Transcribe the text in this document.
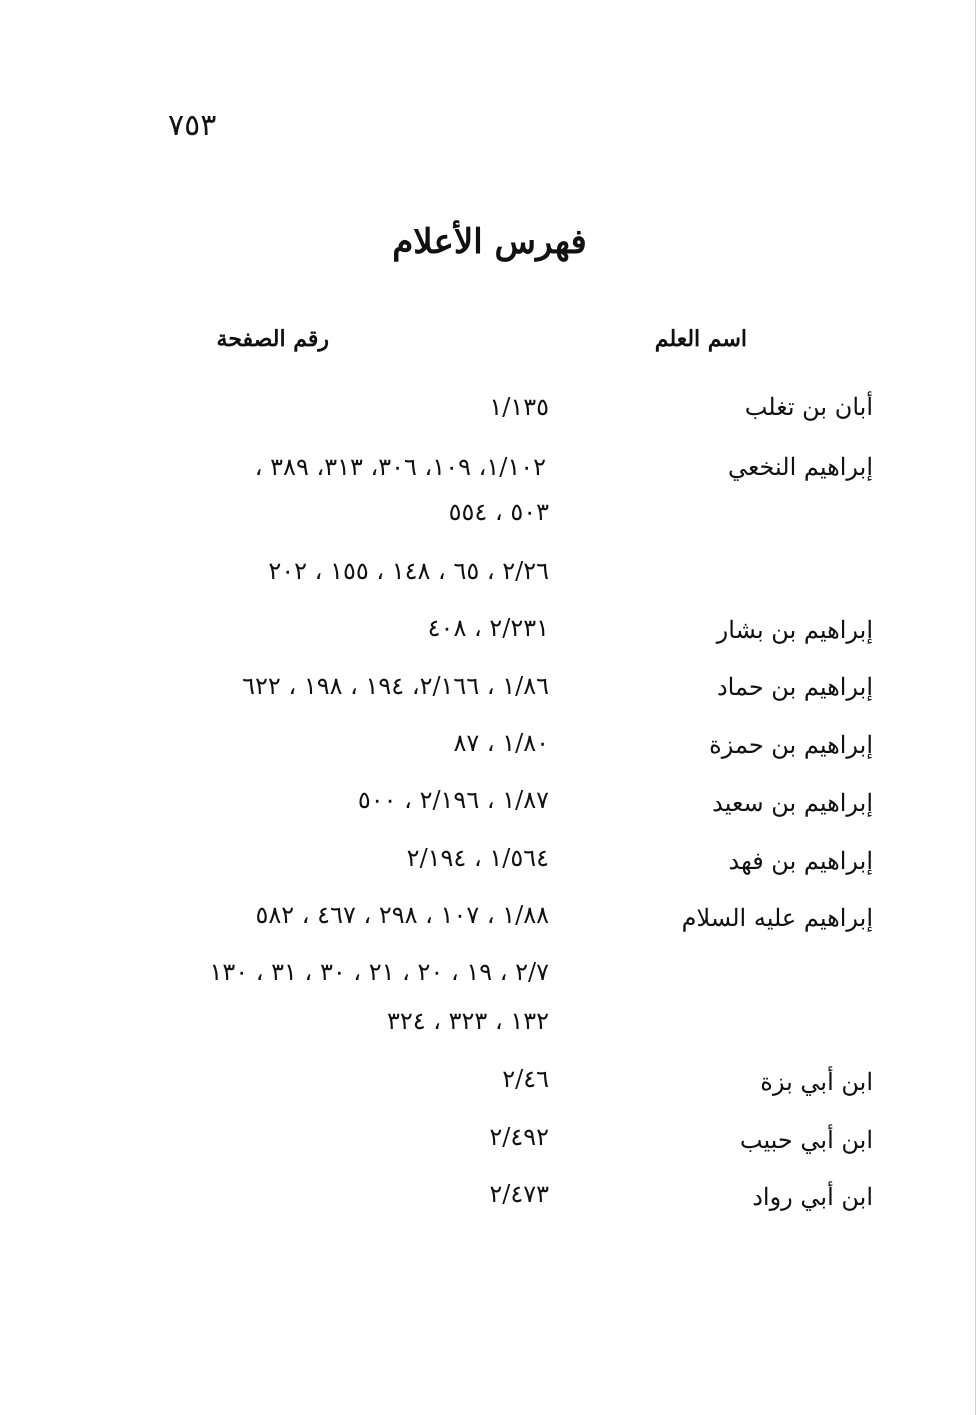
٧٥٣
فهرس الأعلام
اسم العلم
رقم الصفحة
أبان بن تغلب
١/١٣٥
إبراهيم النخعي
١/١٠٢، ١٠٩، ٣٠٦، ٣١٣، ٣٨٩ ،
٥٠٣ ، ٥٥٤
٢/٢٦ ، ٦٥ ، ١٤٨ ، ١٥٥ ، ٢٠٢
إبراهيم بن بشار
٢/٢٣١ ، ٤٠٨
إبراهيم بن حماد
١/٨٦ ، ٢/١٦٦، ١٩٤ ، ١٩٨ ، ٦٢٢
إبراهيم بن حمزة
١/٨٠ ، ٨٧
إبراهيم بن سعيد
١/٨٧ ، ٢/١٩٦ ، ٥٠٠
إبراهيم بن فهد
١/٥٦٤ ، ٢/١٩٤
إبراهيم عليه السلام
١/٨٨ ، ١٠٧ ، ٢٩٨ ، ٤٦٧ ، ٥٨٢
٢/٧ ، ١٩ ، ٢٠ ، ٢١ ، ٣٠ ، ٣١ ، ١٣٠
١٣٢ ، ٣٢٣ ، ٣٢٤
ابن أبي بزة
٢/٤٦
ابن أبي حبيب
٢/٤٩٢
ابن أبي رواد
٢/٤٧٣
